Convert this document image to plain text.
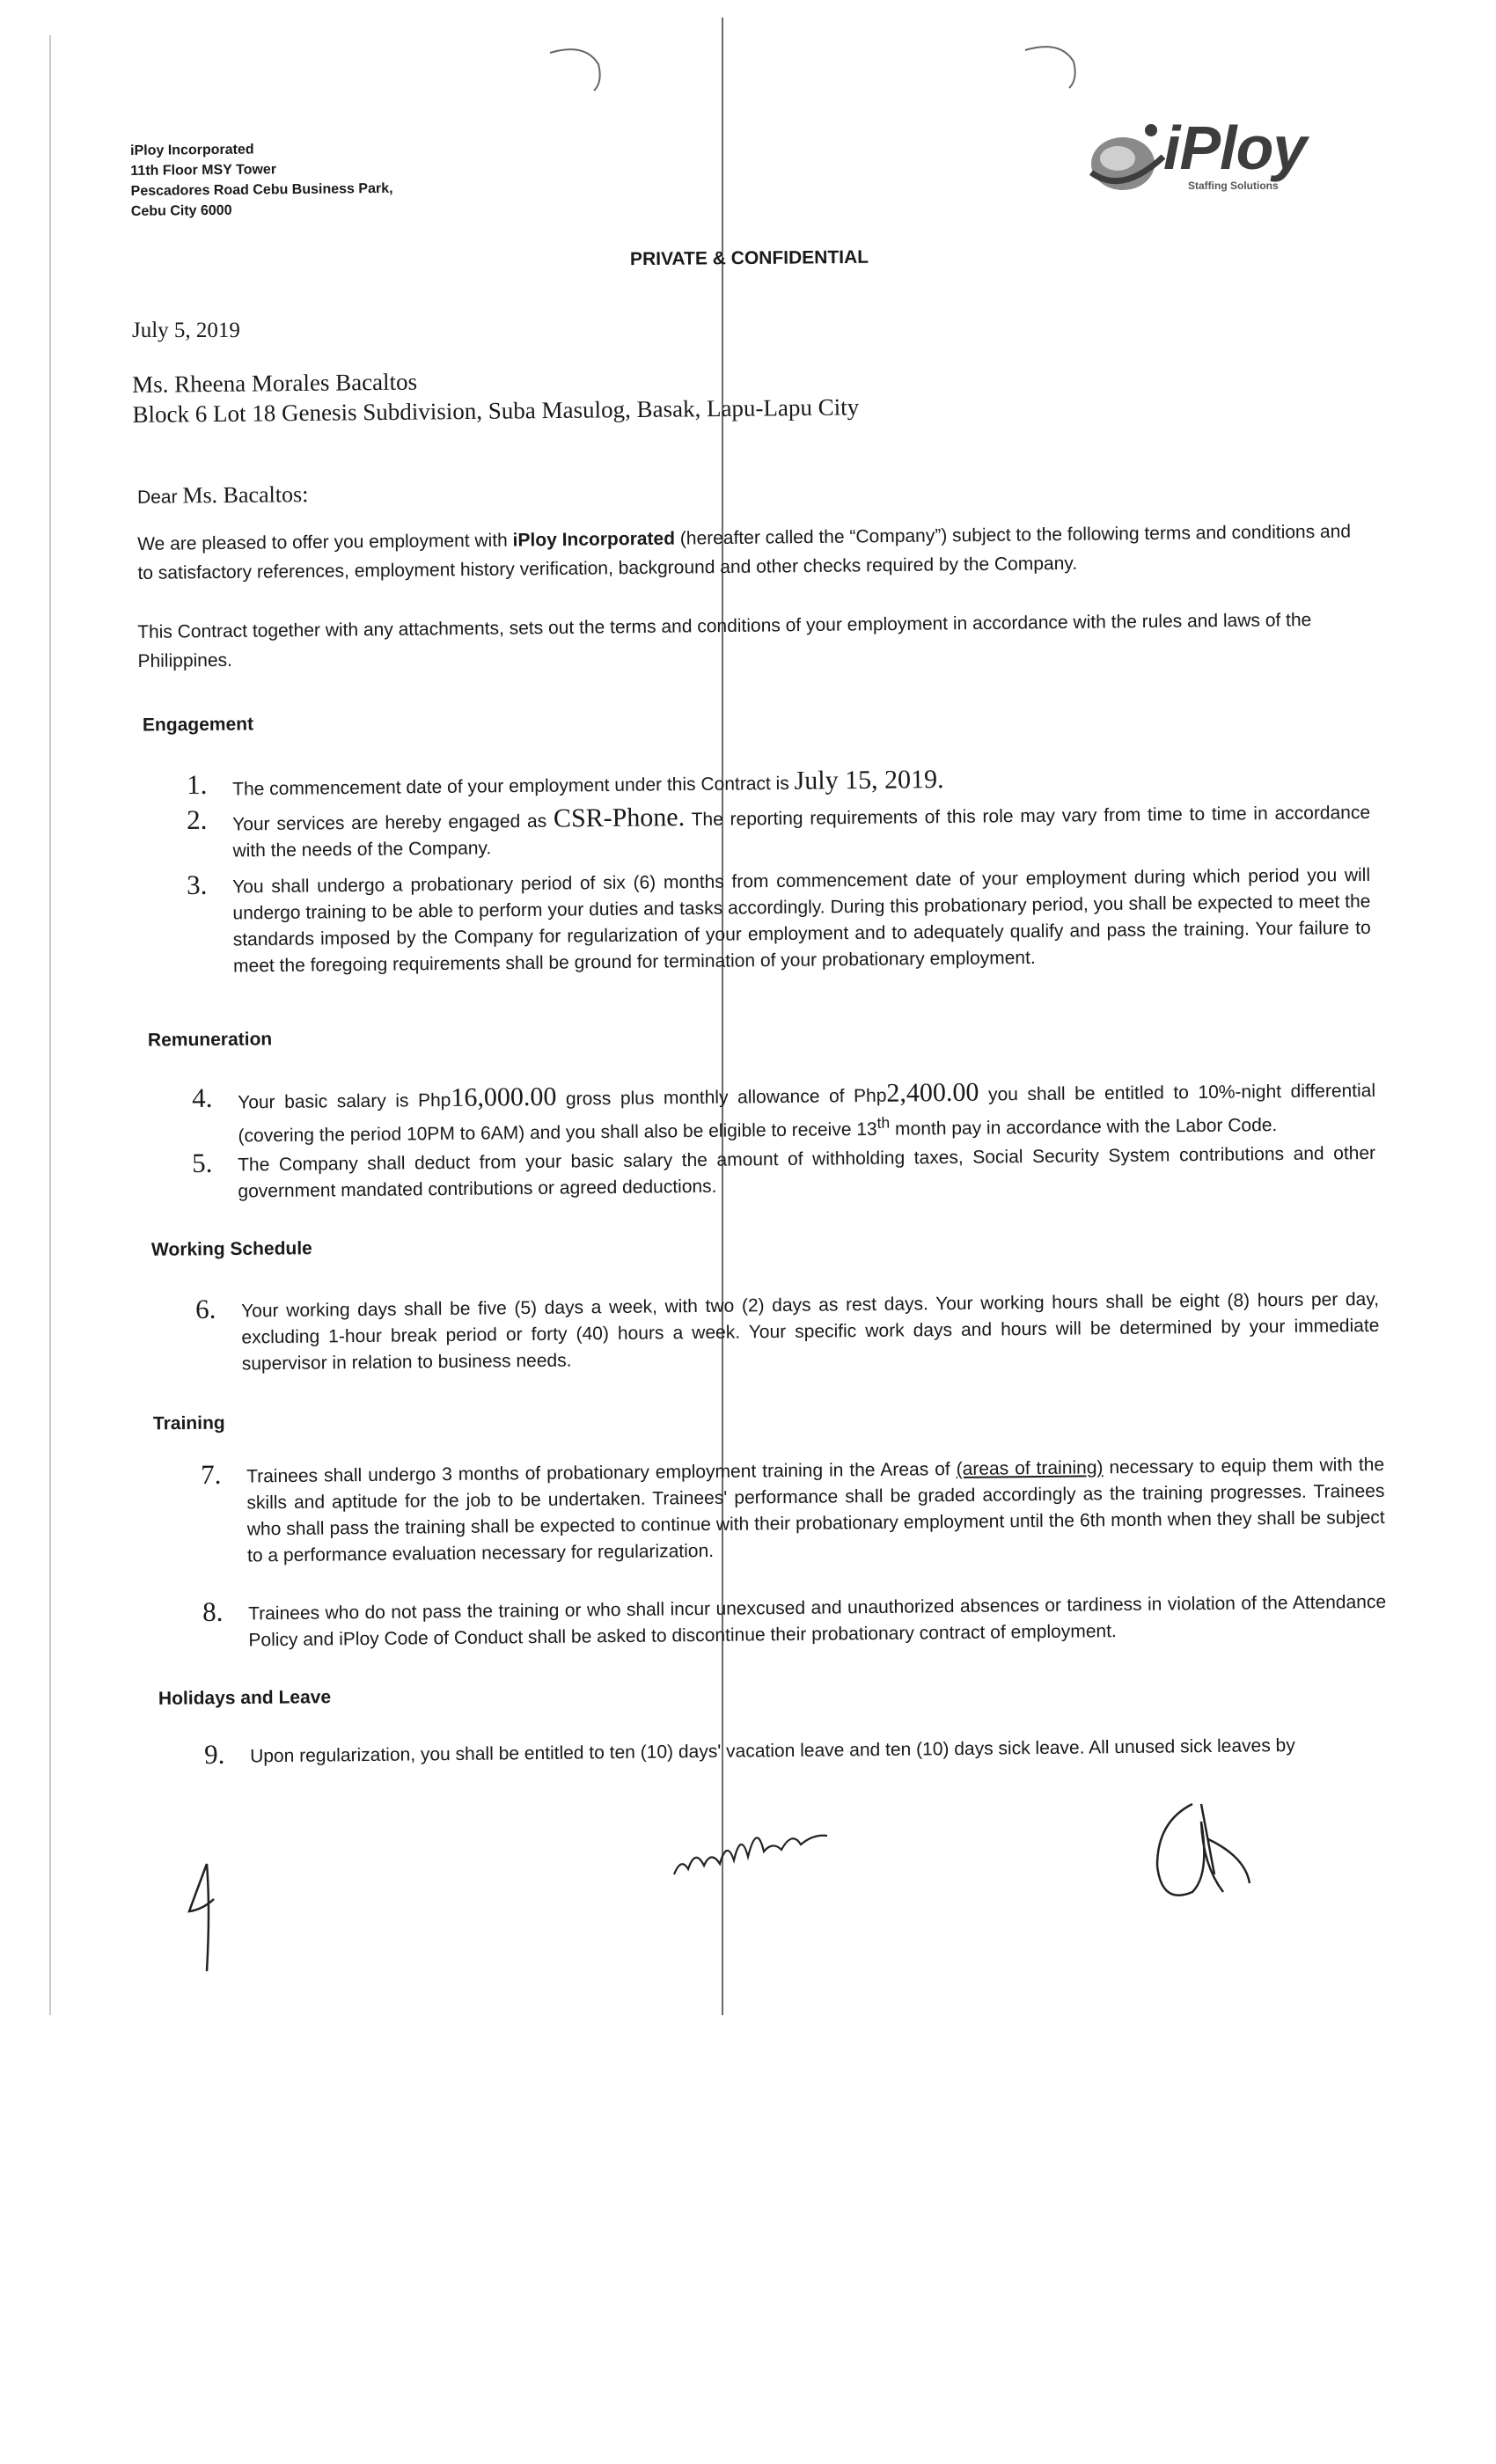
iPloy Incorporated
11th Floor MSY Tower
Pescadores Road Cebu Business Park,
Cebu City 6000
iPloy
Staffing Solutions
PRIVATE & CONFIDENTIAL
July 5, 2019
Ms. Rheena Morales Bacaltos
Block 6 Lot 18 Genesis Subdivision, Suba Masulog, Basak, Lapu-Lapu City
Dear Ms. Bacaltos:
We are pleased to offer you employment with iPloy Incorporated (hereafter called the “Company”) subject to the following terms and conditions and to satisfactory references, employment history verification, background and other checks required by the Company.
This Contract together with any attachments, sets out the terms and conditions of your employment in accordance with the rules and laws of the Philippines.
Engagement
1. The commencement date of your employment under this Contract is July 15, 2019.
2. Your services are hereby engaged as CSR-Phone. The reporting requirements of this role may vary from time to time in accordance with the needs of the Company.
3. You shall undergo a probationary period of six (6) months from commencement date of your employment during which period you will undergo training to be able to perform your duties and tasks accordingly. During this probationary period, you shall be expected to meet the standards imposed by the Company for regularization of your employment and to adequately qualify and pass the training. Your failure to meet the foregoing requirements shall be ground for termination of your probationary employment.
Remuneration
4. Your basic salary is Php16,000.00 gross plus monthly allowance of Php2,400.00 you shall be entitled to 10%-night differential (covering the period 10PM to 6AM) and you shall also be eligible to receive 13th month pay in accordance with the Labor Code.
5. The Company shall deduct from your basic salary the amount of withholding taxes, Social Security System contributions and other government mandated contributions or agreed deductions.
Working Schedule
6. Your working days shall be five (5) days a week, with two (2) days as rest days. Your working hours shall be eight (8) hours per day, excluding 1-hour break period or forty (40) hours a week. Your specific work days and hours will be determined by your immediate supervisor in relation to business needs.
Training
7. Trainees shall undergo 3 months of probationary employment training in the Areas of (areas of training) necessary to equip them with the skills and aptitude for the job to be undertaken. Trainees' performance shall be graded accordingly as the training progresses. Trainees who shall pass the training shall be expected to continue with their probationary employment until the 6th month when they shall be subject to a performance evaluation necessary for regularization.
8. Trainees who do not pass the training or who shall incur unexcused and unauthorized absences or tardiness in violation of the Attendance Policy and iPloy Code of Conduct shall be asked to discontinue their probationary contract of employment.
Holidays and Leave
9. Upon regularization, you shall be entitled to ten (10) days' vacation leave and ten (10) days sick leave. All unused sick leaves by
